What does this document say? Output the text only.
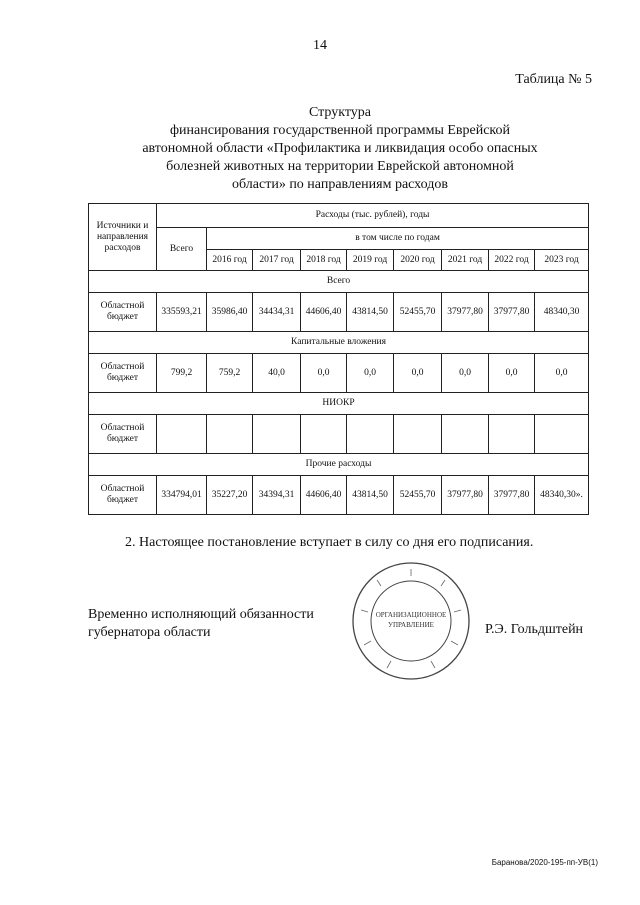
14
Таблица № 5
Структура
финансирования государственной программы Еврейской
автономной области «Профилактика и ликвидация особо опасных
болезней животных на территории Еврейской автономной
области» по направлениям расходов
Источники и направления расходов	Расходы (тыс. рублей), годы								
	Всего	в том числе по годам							
		2016 год	2017 год	2018 год	2019 год	2020 год	2021 год	2022 год	2023 год
Всего									
Областной бюджет	335593,21	35986,40	34434,31	44606,40	43814,50	52455,70	37977,80	37977,80	48340,30
Капитальные вложения									
Областной бюджет	799,2	759,2	40,0	0,0	0,0	0,0	0,0	0,0	0,0
НИОКР									
Областной бюджет									
Прочие расходы									
Областной бюджет	334794,01	35227,20	34394,31	44606,40	43814,50	52455,70	37977,80	37977,80	48340,30».
2. Настоящее постановление вступает в силу со дня его подписания.
Временно исполняющий обязанности
губернатора области
ОРГАНИЗАЦИОННОЕ
УПРАВЛЕНИЕ	Р.Э. Гольдштейн
Баранова/2020-195-пп-УВ(1)
